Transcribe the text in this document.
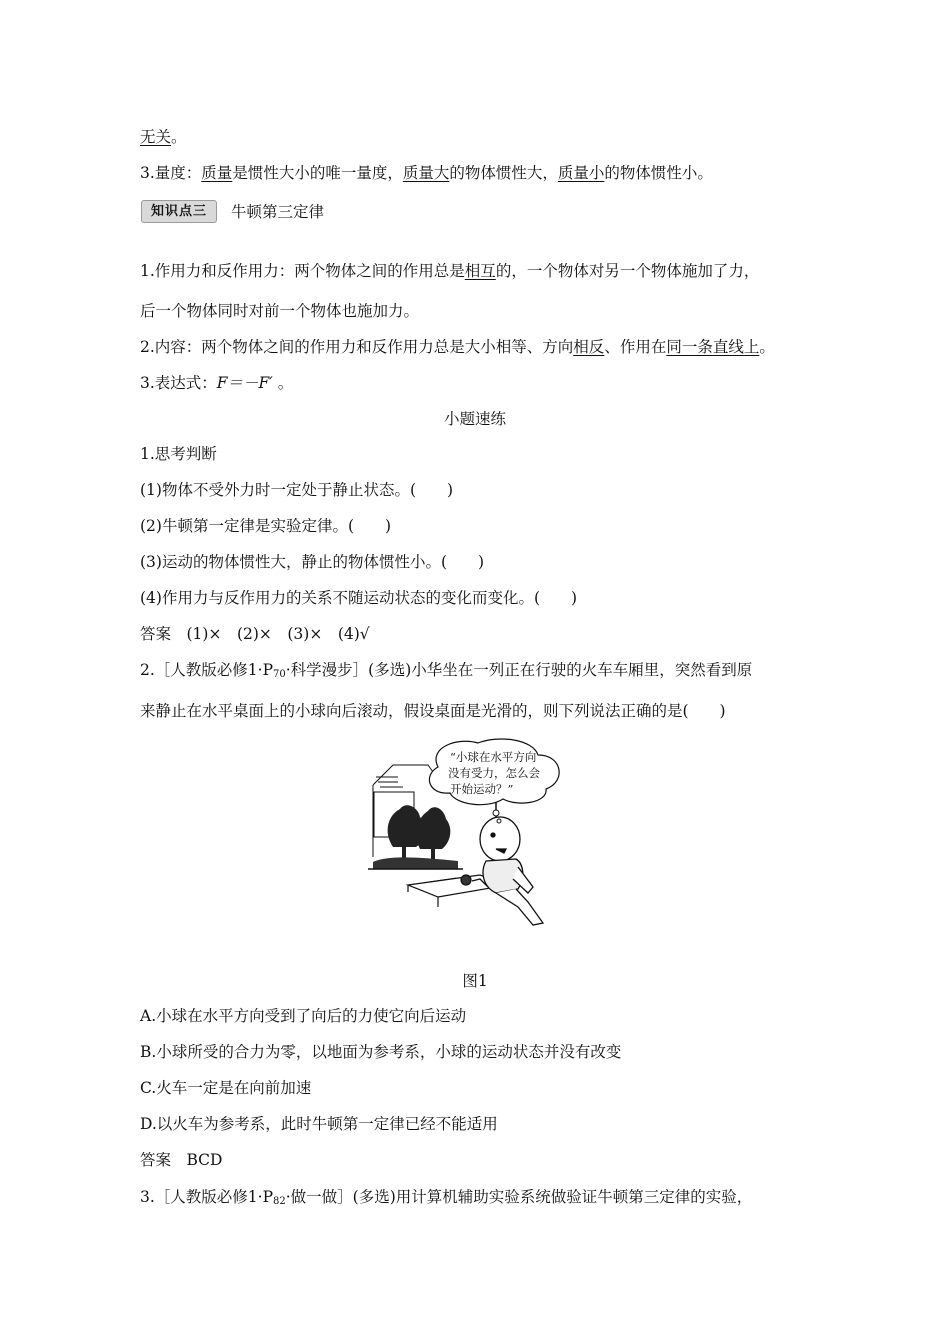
无关。
3.量度：质量是惯性大小的唯一量度，质量大的物体惯性大，质量小的物体惯性小。
知识点三	牛顿第三定律
1.作用力和反作用力：两个物体之间的作用总是相互的，一个物体对另一个物体施加了力，
后一个物体同时对前一个物体也施加力。
2.内容：两个物体之间的作用力和反作用力总是大小相等、方向相反、作用在同一条直线上。
3.表达式：F＝－F′ 。
小题速练
1.思考判断
(1)物体不受外力时一定处于静止状态。(　　)
(2)牛顿第一定律是实验定律。(　　)
(3)运动的物体惯性大，静止的物体惯性小。(　　)
(4)作用力与反作用力的关系不随运动状态的变化而变化。(　　)
答案　(1)×　(2)×　(3)×　(4)√
2.［人教版必修$1\cdot P_{70}\cdot$科学漫步］(多选)小华坐在一列正在行驶的火车车厢里，突然看到原
来静止在水平桌面上的小球向后滚动，假设桌面是光滑的，则下列说法正确的是(　　)
“小球在水平方向
没有受力，怎么会
开始运动？”
图1
A.小球在水平方向受到了向后的力使它向后运动
B.小球所受的合力为零，以地面为参考系，小球的运动状态并没有改变
C.火车一定是在向前加速
D.以火车为参考系，此时牛顿第一定律已经不能适用
答案　BCD
3.［人教版必修$1\cdot P_{82}\cdot$做一做］(多选)用计算机辅助实验系统做验证牛顿第三定律的实验，
